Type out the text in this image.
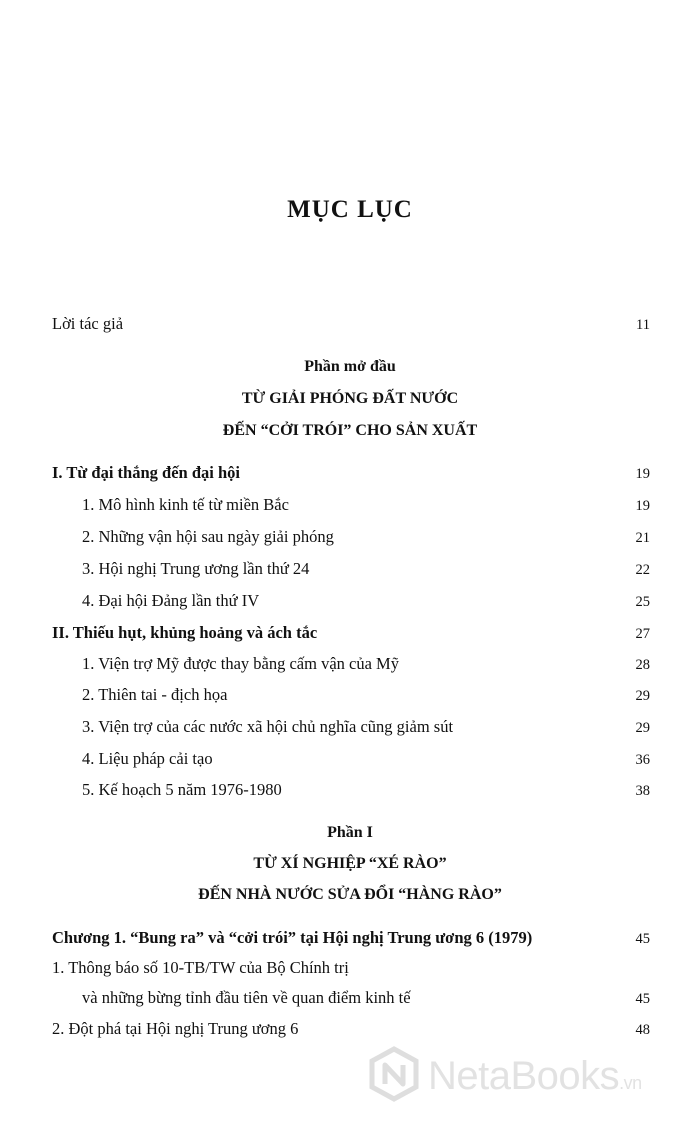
MỤC LỤC
Lời tác giả	11
Phần mở đầu
TỪ GIẢI PHÓNG ĐẤT NƯỚC
ĐẾN “CỞI TRÓI” CHO SẢN XUẤT
I. Từ đại thắng đến đại hội	19
1. Mô hình kinh tế từ miền Bắc	19
2. Những vận hội sau ngày giải phóng	21
3. Hội nghị Trung ương lần thứ 24	22
4. Đại hội Đảng lần thứ IV	25
II. Thiếu hụt, khủng hoảng và ách tắc	27
1. Viện trợ Mỹ được thay bằng cấm vận của Mỹ	28
2. Thiên tai - địch họa	29
3. Viện trợ của các nước xã hội chủ nghĩa cũng giảm sút	29
4. Liệu pháp cải tạo	36
5. Kế hoạch 5 năm 1976-1980	38
Phần I
TỪ XÍ NGHIỆP “XÉ RÀO”
ĐẾN NHÀ NƯỚC SỬA ĐỔI “HÀNG RÀO”
Chương 1. “Bung ra” và “cởi trói” tại Hội nghị Trung ương 6 (1979)	45
1. Thông báo số 10-TB/TW của Bộ Chính trị
và những bừng tỉnh đầu tiên về quan điểm kinh tế	45
2. Đột phá tại Hội nghị Trung ương 6	48
NetaBooks.vn
